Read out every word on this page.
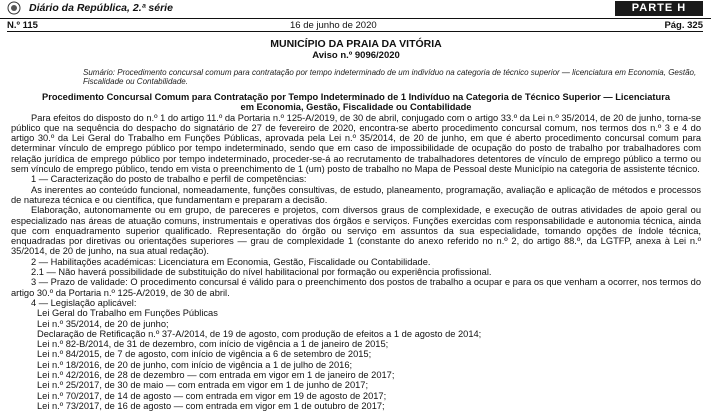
Diário da República, 2.ª série	PARTE H
N.º 115	16 de junho de 2020	Pág. 325
MUNICÍPIO DA PRAIA DA VITÓRIA
Aviso n.º 9096/2020
Sumário: Procedimento concursal comum para contratação por tempo indeterminado de um indivíduo na categoria de técnico superior — licenciatura em Economia, Gestão, Fiscalidade ou Contabilidade.
Procedimento Concursal Comum para Contratação por Tempo Indeterminado de 1 Indivíduo na Categoria de Técnico Superior — Licenciatura em Economia, Gestão, Fiscalidade ou Contabilidade

Para efeitos do disposto do n.º 1 do artigo 11.º da Portaria n.º 125-A/2019, de 30 de abril, conjugado com o artigo 33.º da Lei n.º 35/2014, de 20 de junho, torna-se público que na sequência do despacho do signatário de 27 de fevereiro de 2020, encontra-se aberto procedimento concursal comum, nos termos dos n.º 3 e 4 do artigo 30.º da Lei Geral do Trabalho em Funções Públicas, aprovada pela Lei n.º 35/2014, de 20 de junho, em que é aberto procedimento concursal comum para determinar vínculo de emprego público por tempo indeterminado, sendo que em caso de impossibilidade de ocupação do posto de trabalho por trabalhadores com relação jurídica de emprego público por tempo indeterminado, proceder-se-á ao recrutamento de trabalhadores detentores de vínculo de emprego público a termo ou sem vínculo de emprego público, tendo em vista o preenchimento de 1 (um) posto de trabalho no Mapa de Pessoal deste Município na categoria de assistente técnico.

1 — Caracterização do posto de trabalho e perfil de competências:

As inerentes ao conteúdo funcional, nomeadamente, funções consultivas, de estudo, planeamento, programação, avaliação e aplicação de métodos e processos de natureza técnica e ou científica, que fundamentam e preparam a decisão.

Elaboração, autonomamente ou em grupo, de pareceres e projetos, com diversos graus de complexidade, e execução de outras atividades de apoio geral ou especializado nas áreas de atuação comuns, instrumentais e operativas dos órgãos e serviços. Funções exercidas com responsabilidade e autonomia técnica, ainda que com enquadramento superior qualificado. Representação do órgão ou serviço em assuntos da sua especialidade, tomando opções de índole técnica, enquadradas por diretivas ou orientações superiores — grau de complexidade 1 (constante do anexo referido no n.º 2, do artigo 88.º, da LGTFP, anexa à Lei n.º 35/2014, de 20 de junho, na sua atual redação).

2 — Habilitações académicas: Licenciatura em Economia, Gestão, Fiscalidade ou Contabilidade.

2.1 — Não haverá possibilidade de substituição do nível habilitacional por formação ou experiência profissional.

3 — Prazo de validade: O procedimento concursal é válido para o preenchimento dos postos de trabalho a ocupar e para os que venham a ocorrer, nos termos do artigo 30.º da Portaria n.º 125-A/2019, de 30 de abril.

4 — Legislação aplicável:

Lei Geral do Trabalho em Funções Públicas

Lei n.º 35/2014, de 20 de junho;

Declaração de Retificação n.º 37-A/2014, de 19 de agosto, com produção de efeitos a 1 de agosto de 2014;

Lei n.º 82-B/2014, de 31 de dezembro, com início de vigência a 1 de janeiro de 2015;

Lei n.º 84/2015, de 7 de agosto, com início de vigência a 6 de setembro de 2015;

Lei n.º 18/2016, de 20 de junho, com início de vigência a 1 de julho de 2016;

Lei n.º 42/2016, de 28 de dezembro — com entrada em vigor em 1 de janeiro de 2017;

Lei n.º 25/2017, de 30 de maio — com entrada em vigor em 1 de junho de 2017;

Lei n.º 70/2017, de 14 de agosto — com entrada em vigor em 19 de agosto de 2017;

Lei n.º 73/2017, de 16 de agosto — com entrada em vigor em 1 de outubro de 2017;
